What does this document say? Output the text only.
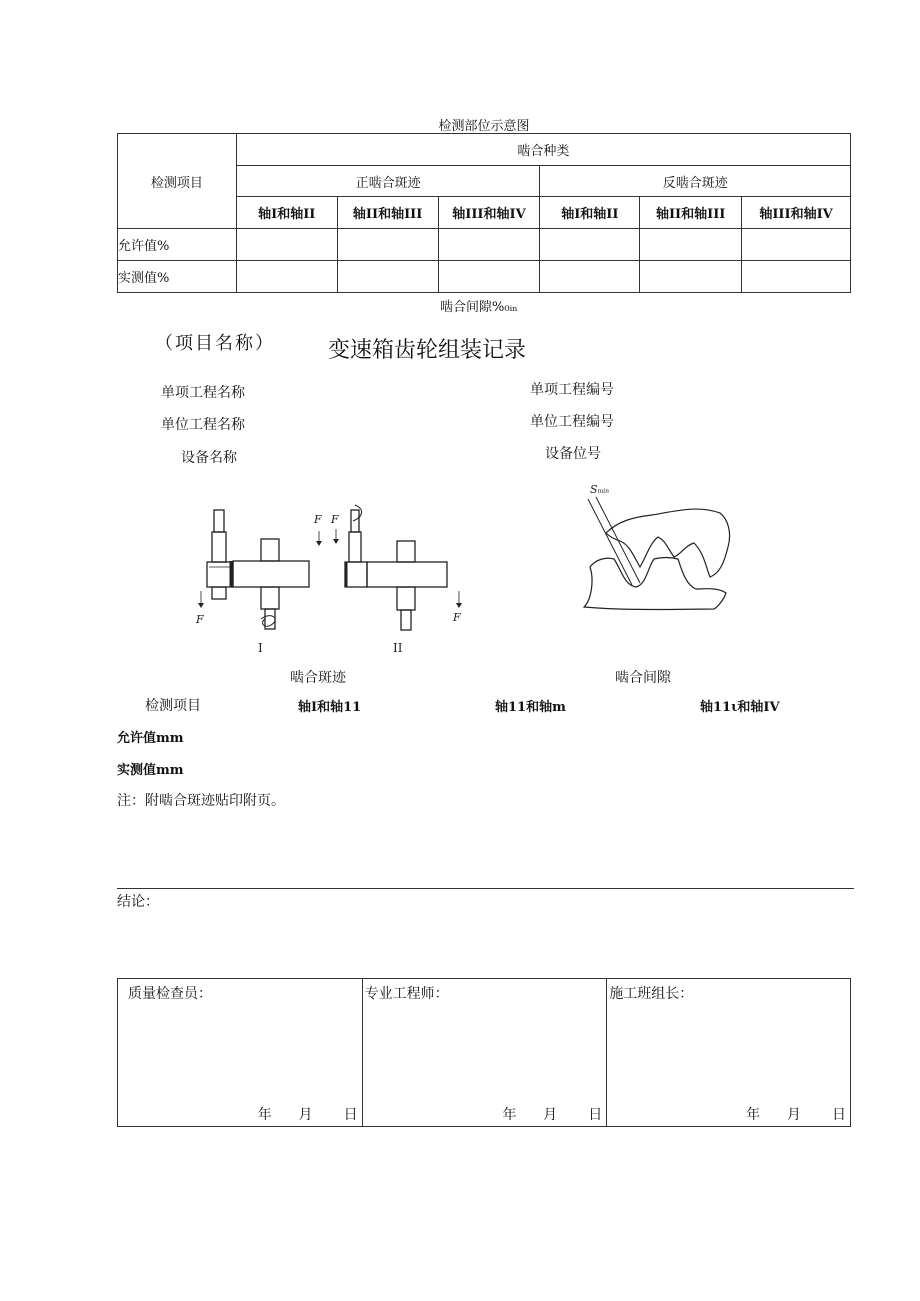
检测部位示意图
检测项目	啮合种类					
	正啮合斑迹			反啮合斑迹		
	轴I和轴II	轴II和轴III	轴III和轴IV	轴I和轴II	轴II和轴III	轴III和轴IV
允许值%						
实测值%						
啮合间隙%₀ᵢₙ
（项目名称） 变速箱齿轮组装记录
单项工程名称
单位工程名称
设备名称
单项工程编号
单位工程编号
设备位号
F
F F
F
I	II
Smin
啮合斑迹	啮合间隙
检测项目	轴I和轴11	轴11和轴m	轴11ι和轴IV
允许值mm
实测值mm
注：附啮合斑迹贴印附页。
结论：
质量检查员：
年      月       日

专业工程师：
年      月       日

施工班组长：
年      月       日
